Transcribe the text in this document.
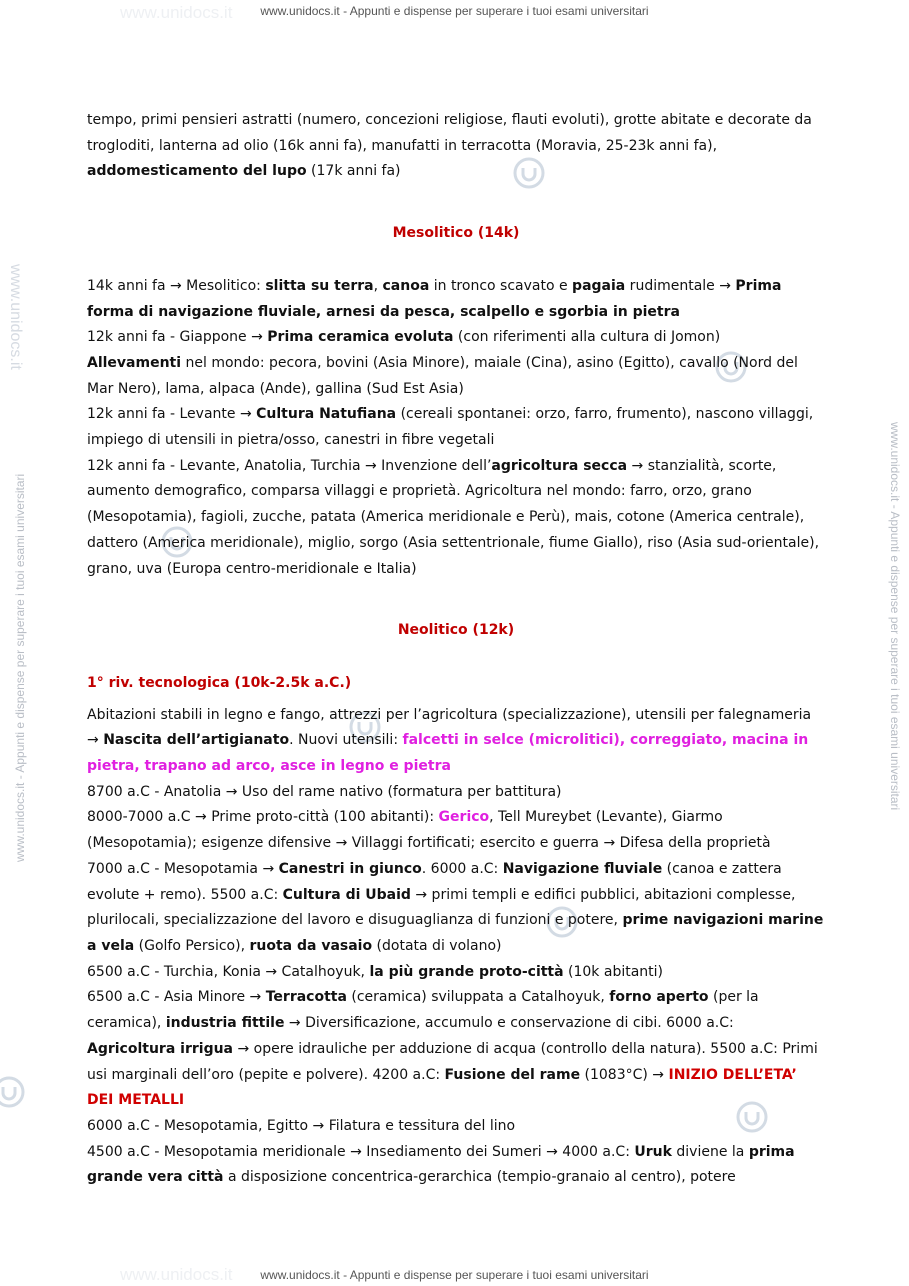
www.unidocs.it
www.unidocs.it
www.unidocs.it - Appunti e dispense per superare i tuoi esami universitari
www.unidocs.it - Appunti e dispense per superare i tuoi esami universitari
www.unidocs.it - Appunti e dispense per superare i tuoi esami universitari	www.unidocs.it - Appunti e dispense per superare i tuoi esami universitari
www.unidocs.it

tempo, primi pensieri astratti (numero, concezioni religiose, flauti evoluti), grotte abitate e decorate da trogloditi, lanterna ad olio (16k anni fa), manufatti in terracotta (Moravia, 25-23k anni fa), addomesticamento del lupo (17k anni fa)

Mesolitico (14k)

14k anni fa → Mesolitico: slitta su terra, canoa in tronco scavato e pagaia rudimentale → Prima forma di navigazione fluviale, arnesi da pesca, scalpello e sgorbia in pietra

12k anni fa - Giappone → Prima ceramica evoluta (con riferimenti alla cultura di Jomon)

Allevamenti nel mondo: pecora, bovini (Asia Minore), maiale (Cina), asino (Egitto), cavallo (Nord del Mar Nero), lama, alpaca (Ande), gallina (Sud Est Asia)

12k anni fa - Levante → Cultura Natufiana (cereali spontanei: orzo, farro, frumento), nascono villaggi, impiego di utensili in pietra/osso, canestri in fibre vegetali

12k anni fa - Levante, Anatolia, Turchia → Invenzione dell’agricoltura secca → stanzialità, scorte, aumento demografico, comparsa villaggi e proprietà. Agricoltura nel mondo: farro, orzo, grano (Mesopotamia), fagioli, zucche, patata (America meridionale e Perù), mais, cotone (America centrale), dattero (America meridionale), miglio, sorgo (Asia settentrionale, fiume Giallo), riso (Asia sud-orientale), grano, uva (Europa centro-meridionale e Italia)

Neolitico (12k)

1° riv. tecnologica (10k-2.5k a.C.)

Abitazioni stabili in legno e fango, attrezzi per l’agricoltura (specializzazione), utensili per falegnameria → Nascita dell’artigianato. Nuovi utensili: falcetti in selce (microlitici), correggiato, macina in pietra, trapano ad arco, asce in legno e pietra

8700 a.C - Anatolia → Uso del rame nativo (formatura per battitura)

8000-7000 a.C → Prime proto-città (100 abitanti): Gerico, Tell Mureybet (Levante), Giarmo (Mesopotamia); esigenze difensive → Villaggi fortificati; esercito e guerra → Difesa della proprietà

7000 a.C - Mesopotamia → Canestri in giunco. 6000 a.C: Navigazione fluviale (canoa e zattera evolute + remo). 5500 a.C: Cultura di Ubaid → primi templi e edifici pubblici, abitazioni complesse, plurilocali, specializzazione del lavoro e disuguaglianza di funzioni e potere, prime navigazioni marine a vela (Golfo Persico), ruota da vasaio (dotata di volano)

6500 a.C - Turchia, Konia → Catalhoyuk, la più grande proto-città (10k abitanti)

6500 a.C - Asia Minore → Terracotta (ceramica) sviluppata a Catalhoyuk, forno aperto (per la ceramica), industria fittile → Diversificazione, accumulo e conservazione di cibi. 6000 a.C: Agricoltura irrigua → opere idrauliche per adduzione di acqua (controllo della natura). 5500 a.C: Primi usi marginali dell’oro (pepite e polvere). 4200 a.C: Fusione del rame (1083°C) → INIZIO DELL’ETA’ DEI METALLI

6000 a.C - Mesopotamia, Egitto → Filatura e tessitura del lino

4500 a.C - Mesopotamia meridionale → Insediamento dei Sumeri → 4000 a.C: Uruk diviene la prima grande vera città a disposizione concentrica-gerarchica (tempio-granaio al centro), potere
